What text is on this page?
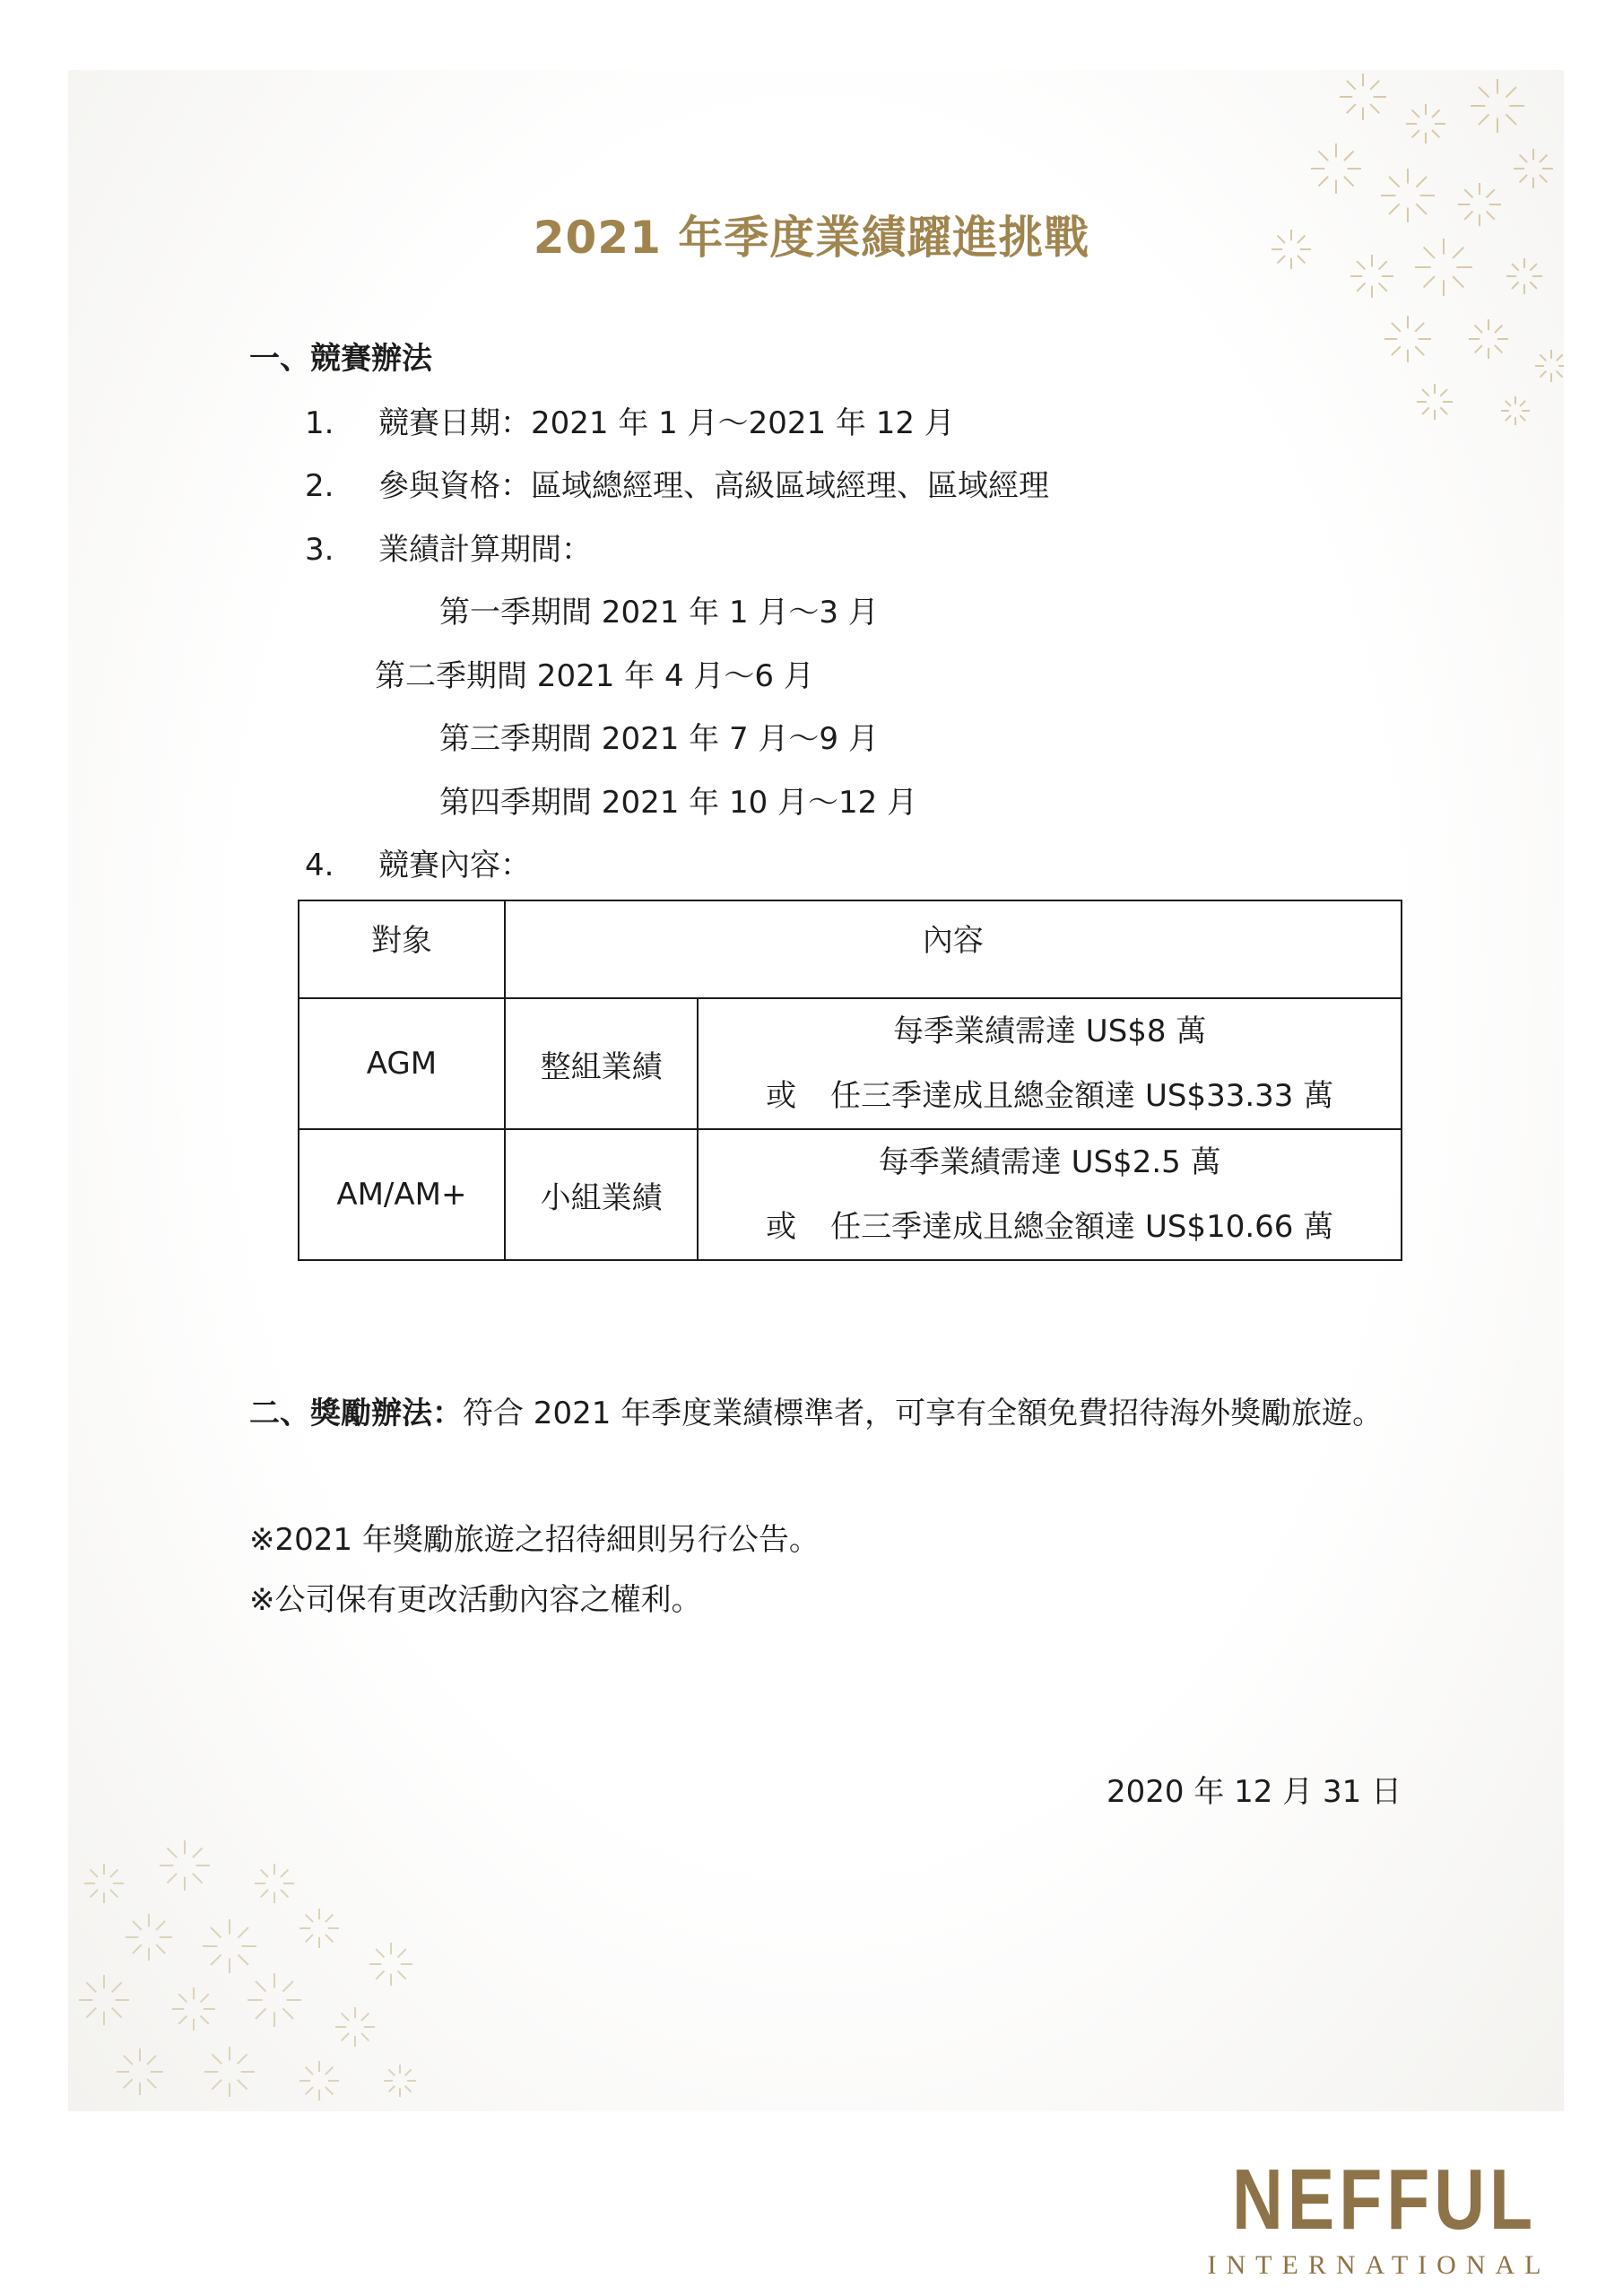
2021 年季度業績躍進挑戰
一、競賽辦法
1. 競賽日期：2021 年 1 月～2021 年 12 月
2. 參與資格：區域總經理、高級區域經理、區域經理
3. 業績計算期間：
第一季期間 2021 年 1 月～3 月
第二季期間 2021 年 4 月～6 月
第三季期間 2021 年 7 月～9 月
第四季期間 2021 年 10 月～12 月
4. 競賽內容：
對象	內容	
AGM	整組業績	每季業績需達 US$8 萬
或 任三季達成且總金額達 US$33.33 萬

AM/AM+	小組業績	每季業績需達 US$2.5 萬
或 任三季達成且總金額達 US$10.66 萬
二、獎勵辦法：符合 2021 年季度業績標準者，可享有全額免費招待海外獎勵旅遊。
※2021 年獎勵旅遊之招待細則另行公告。
※公司保有更改活動內容之權利。
2020 年 12 月 31 日
NEFFUL
INTERNATIONAL
